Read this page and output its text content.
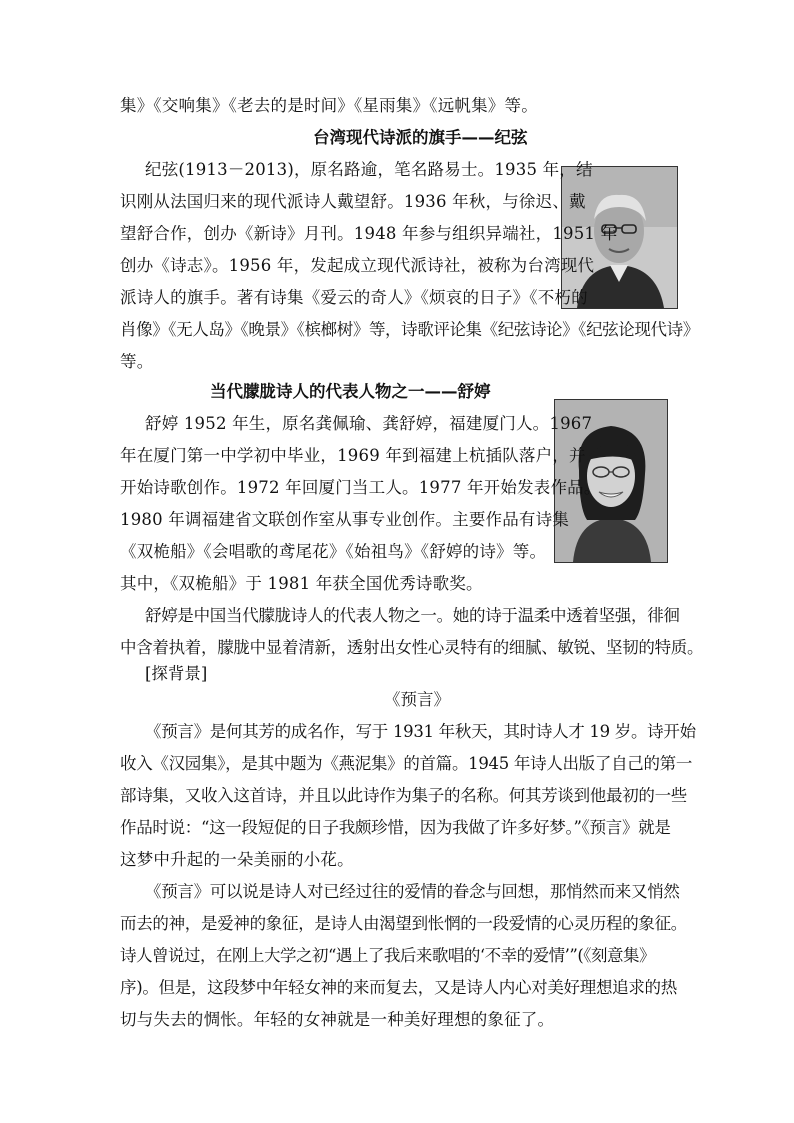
集》《交响集》《老去的是时间》《星雨集》《远帆集》等。
台湾现代诗派的旗手——纪弦
纪弦(1913－2013)，原名路逾，笔名路易士。1935 年，结
识刚从法国归来的现代派诗人戴望舒。1936 年秋，与徐迟、戴
望舒合作，创办《新诗》月刊。1948 年参与组织异端社，1951 年
创办《诗志》。1956 年，发起成立现代派诗社，被称为台湾现代
派诗人的旗手。著有诗集《爱云的奇人》《烦哀的日子》《不朽的
肖像》《无人岛》《晚景》《槟榔树》等，诗歌评论集《纪弦诗论》《纪弦论现代诗》
等。
当代朦胧诗人的代表人物之一——舒婷
舒婷 1952 年生，原名龚佩瑜、龚舒婷，福建厦门人。1967
年在厦门第一中学初中毕业，1969 年到福建上杭插队落户，并
开始诗歌创作。1972 年回厦门当工人。1977 年开始发表作品。
1980 年调福建省文联创作室从事专业创作。主要作品有诗集
《双桅船》《会唱歌的鸢尾花》《始祖鸟》《舒婷的诗》等。
其中，《双桅船》于 1981 年获全国优秀诗歌奖。
舒婷是中国当代朦胧诗人的代表人物之一。她的诗于温柔中透着坚强，徘徊
中含着执着，朦胧中显着清新，透射出女性心灵特有的细腻、敏锐、坚韧的特质。
[探背景]
《预言》
《预言》是何其芳的成名作，写于 1931 年秋天，其时诗人才 19 岁。诗开始
收入《汉园集》，是其中题为《燕泥集》的首篇。1945 年诗人出版了自己的第一
部诗集，又收入这首诗，并且以此诗作为集子的名称。何其芳谈到他最初的一些
作品时说：“这一段短促的日子我颇珍惜，因为我做了许多好梦。”《预言》就是
这梦中升起的一朵美丽的小花。
《预言》可以说是诗人对已经过往的爱情的眷念与回想，那悄然而来又悄然
而去的神，是爱神的象征，是诗人由渴望到怅惘的一段爱情的心灵历程的象征。
诗人曾说过，在刚上大学之初“遇上了我后来歌唱的‘不幸的爱情’”(《刻意集》
序)。但是，这段梦中年轻女神的来而复去，又是诗人内心对美好理想追求的热
切与失去的惆怅。年轻的女神就是一种美好理想的象征了。
